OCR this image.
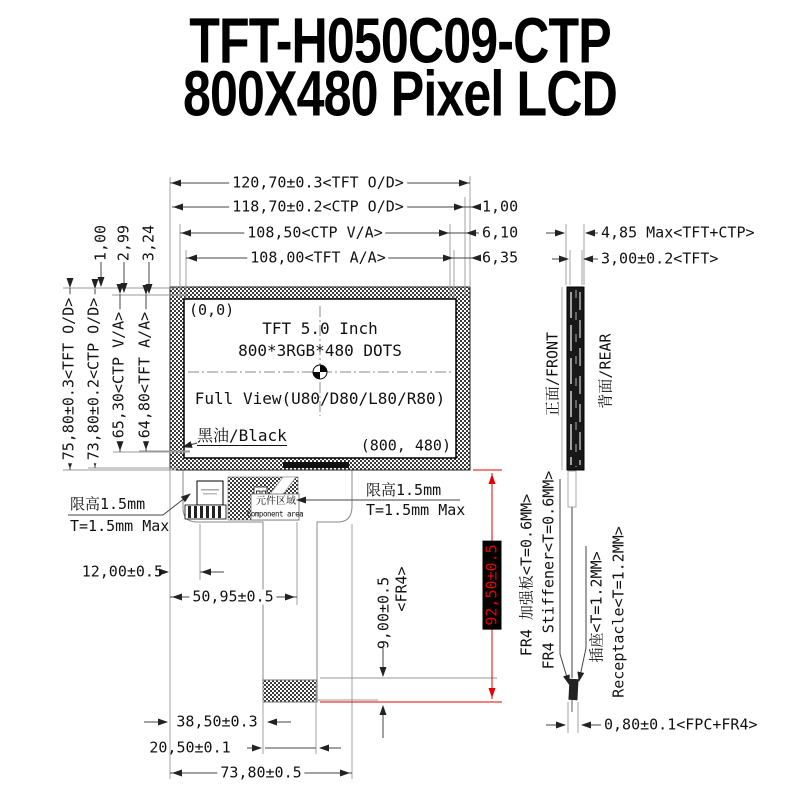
TFT-H050C09-CTP
800X480 Pixel LCD
120,70±0.3<TFT O/D>
118,70±0.2<CTP O/D>	1,00
108,50<CTP V/A>	6,10
108,00<TFT A/A>	6,35
1,00 2,99 3,24
75,80±0.3<TFT O/D> 73,80±0.2<CTP O/D> 65,30<CTP V/A> 64,80<TFT A/A>
(0,0)
TFT 5.0 Inch
800*3RGB*480 DOTS
Full View(U80/D80/L80/R80)
黑油/Black
(800, 480)
4,85 Max<TFT+CTP>
3,00±0.2<TFT>
正面/FRONT 背面/REAR
FR4 加强板<T=0.6MM> FR4 Stiffener<T=0.6MM> 插座<T=1.2MM> Receptacle<T=1.2MM>
0,80±0.1<FPC+FR4>
限高1.5mm
T=1.5mm Max
限高1.5mm
T=1.5mm Max
元件区域
Component area
12,00±0.5
50,95±0.5	9,00±0.5 <FR4>	92,50±0.5
38,50±0.3
20,50±0.1
73,80±0.5
